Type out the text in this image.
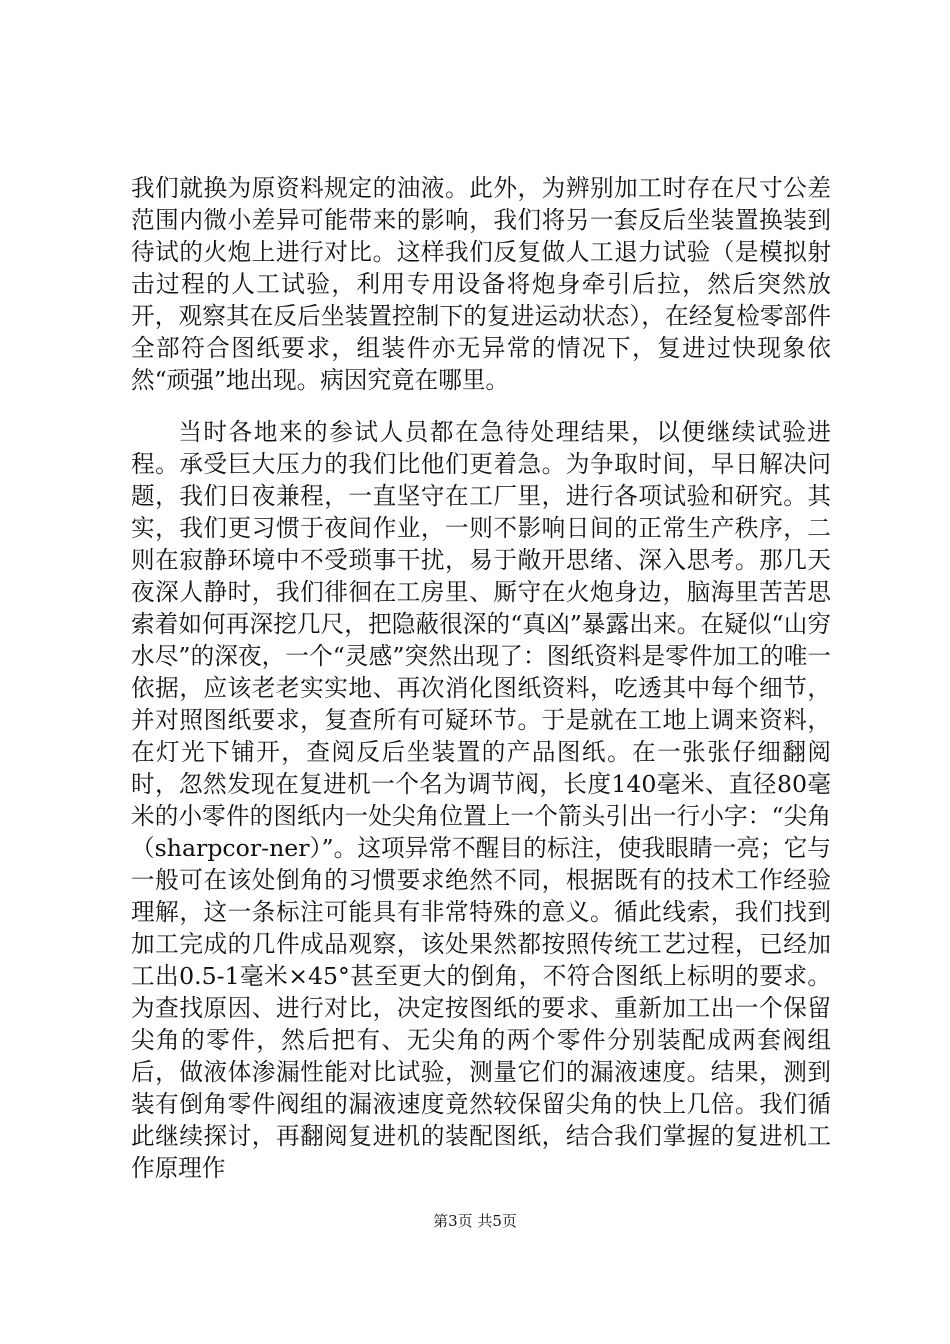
我们就换为原资料规定的油液。此外，为辨别加工时存在尺寸公差范围内微小差异可能带来的影响，我们将另一套反后坐装置换装到待试的火炮上进行对比。这样我们反复做人工退力试验（是模拟射击过程的人工试验，利用专用设备将炮身牵引后拉，然后突然放开，观察其在反后坐装置控制下的复进运动状态），在经复检零部件全部符合图纸要求，组装件亦无异常的情况下，复进过快现象依然“顽强”地出现。病因究竟在哪里。

当时各地来的参试人员都在急待处理结果，以便继续试验进程。承受巨大压力的我们比他们更着急。为争取时间，早日解决问题，我们日夜兼程，一直坚守在工厂里，进行各项试验和研究。其实，我们更习惯于夜间作业，一则不影响日间的正常生产秩序，二则在寂静环境中不受琐事干扰，易于敞开思绪、深入思考。那几天夜深人静时，我们徘徊在工房里、厮守在火炮身边，脑海里苦苦思索着如何再深挖几尺，把隐蔽很深的“真凶”暴露出来。在疑似“山穷水尽”的深夜，一个“灵感”突然出现了：图纸资料是零件加工的唯一依据，应该老老实实地、再次消化图纸资料，吃透其中每个细节，并对照图纸要求，复查所有可疑环节。于是就在工地上调来资料，在灯光下铺开，查阅反后坐装置的产品图纸。在一张张仔细翻阅时，忽然发现在复进机一个名为调节阀，长度140毫米、直径80毫米的小零件的图纸内一处尖角位置上一个箭头引出一行小字：“尖角（sharpcor-ner）”。这项异常不醒目的标注，使我眼睛一亮；它与一般可在该处倒角的习惯要求绝然不同，根据既有的技术工作经验理解，这一条标注可能具有非常特殊的意义。循此线索，我们找到加工完成的几件成品观察，该处果然都按照传统工艺过程，已经加工出0.5-1毫米×45°甚至更大的倒角，不符合图纸上标明的要求。为查找原因、进行对比，决定按图纸的要求、重新加工出一个保留尖角的零件，然后把有、无尖角的两个零件分别装配成两套阀组后，做液体渗漏性能对比试验，测量它们的漏液速度。结果，测到装有倒角零件阀组的漏液速度竟然较保留尖角的快上几倍。我们循此继续探讨，再翻阅复进机的装配图纸，结合我们掌握的复进机工作原理作

第3页 共5页
